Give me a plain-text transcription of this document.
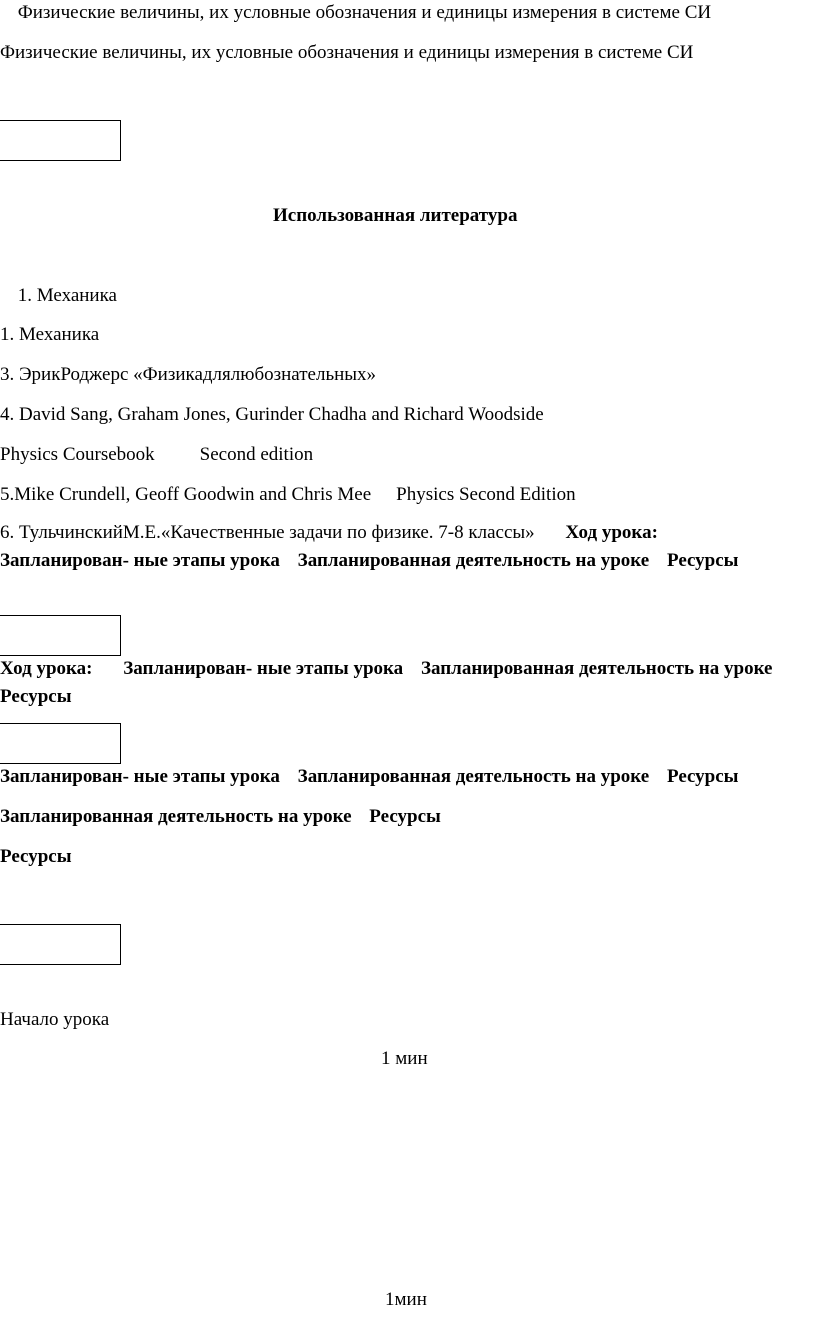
Физические величины, их условные обозначения и единицы измерения в системе СИ
Физические величины, их условные обозначения и единицы измерения в системе СИ

Использованная литература
1. Механика
1. Механика
3. ЭрикРоджерс «Физикадлялюбознательных»
4. David Sang, Graham Jones, Gurinder Chadha and Richard Woodside
Physics Coursebook Second edition
5.Mike Crundell, Geoff Goodwin and Chris Mee Physics Second Edition
6. ТульчинскийМ.Е.«Качественные задачи по физике. 7-8 классы» Ход урока: Запланирован- ные этапы урока Запланированная деятельность на уроке Ресурсы
Ход урока: Запланирован- ные этапы урока Запланированная деятельность на уроке Ресурсы
Запланирован- ные этапы урока Запланированная деятельность на уроке Ресурсы
Запланированная деятельность на уроке Ресурсы
Ресурсы

Начало урока
1 мин
1мин
